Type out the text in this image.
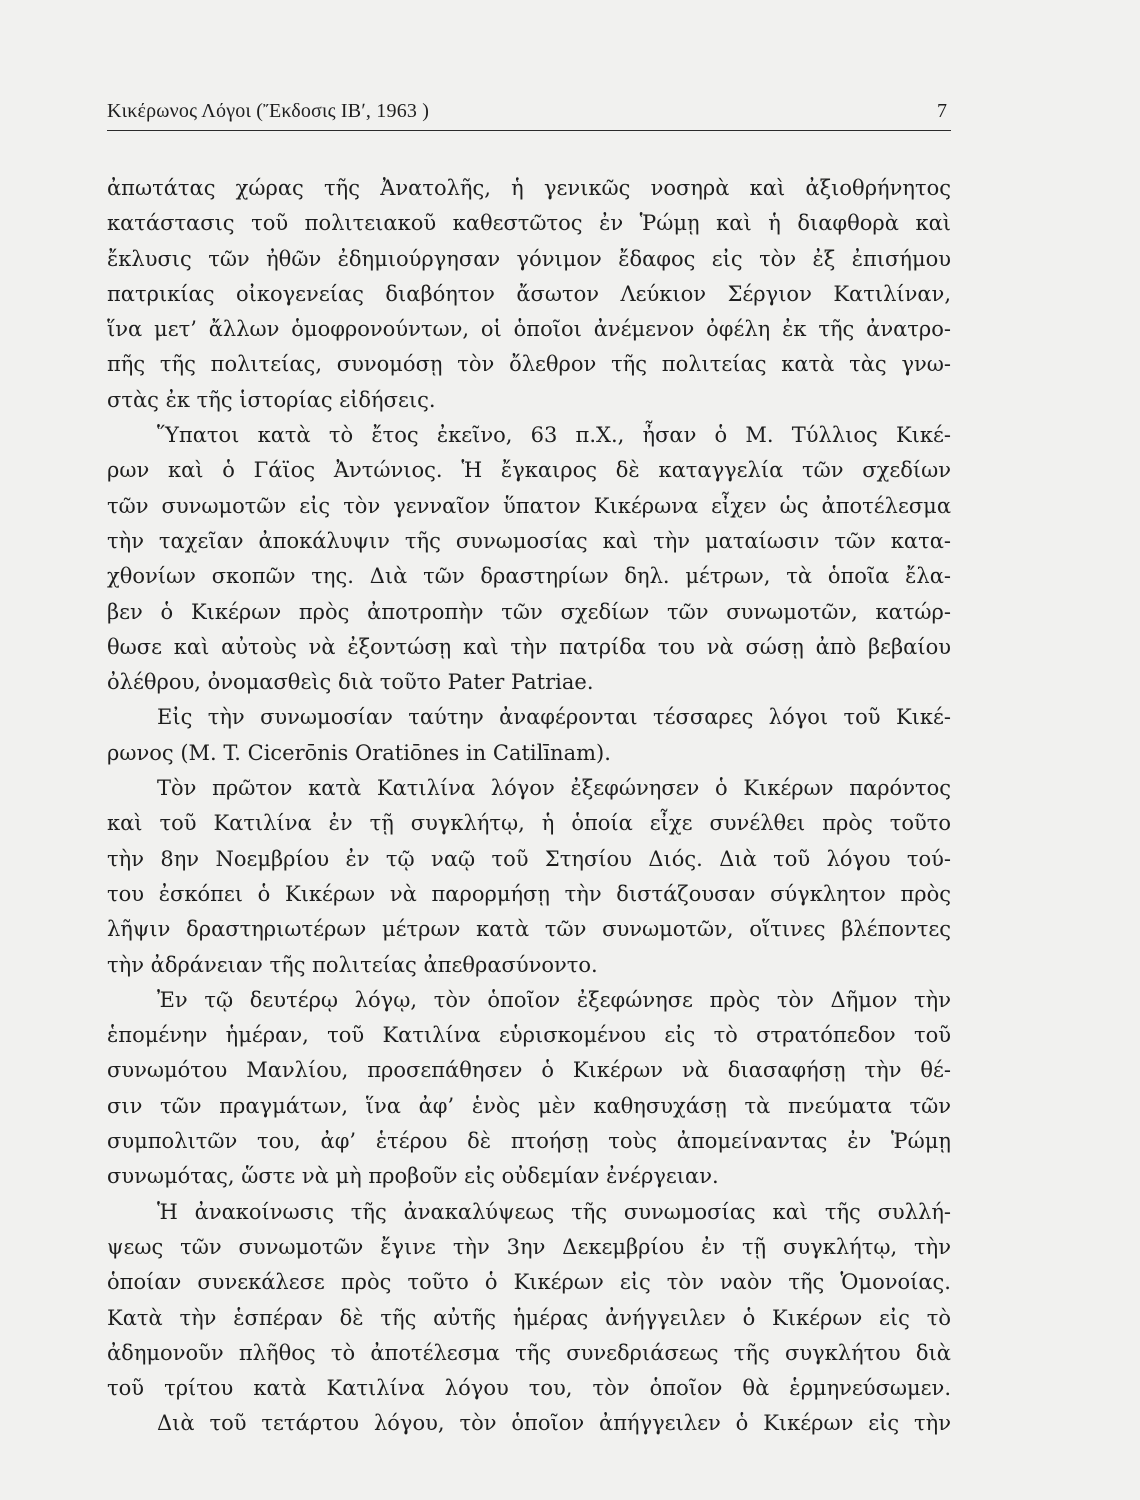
Κικέρωνος Λόγοι (Ἔκδοσις ΙΒʹ, 1963 )	7
ἀπωτάτας χώρας τῆς Ἀνατολῆς, ἡ γενικῶς νοσηρὰ καὶ ἀξιοθρήνητος
κατάστασις τοῦ πολιτειακοῦ καθεστῶτος ἐν Ῥώμῃ καὶ ἡ διαφθορὰ καὶ
ἔκλυσις τῶν ἠθῶν ἐδημιούργησαν γόνιμον ἔδαφος εἰς τὸν ἐξ ἐπισήμου
πατρικίας οἰκογενείας διαβόητον ἄσωτον Λεύκιον Σέργιον Κατιλίναν,
ἵνα μετ’ ἄλλων ὁμοφρονούντων, οἱ ὁποῖοι ἀνέμενον ὀφέλη ἐκ τῆς ἀνατρο-
πῆς τῆς πολιτείας, συνομόσῃ τὸν ὄλεθρον τῆς πολιτείας κατὰ τὰς γνω-
στὰς ἐκ τῆς ἱστορίας εἰδήσεις.
Ὕπατοι κατὰ τὸ ἔτος ἐκεῖνο, 63 π.Χ., ἦσαν ὁ Μ. Τύλλιος Κικέ-
ρων καὶ ὁ Γάϊος Ἀντώνιος. Ἡ ἔγκαιρος δὲ καταγγελία τῶν σχεδίων
τῶν συνωμοτῶν εἰς τὸν γενναῖον ὕπατον Κικέρωνα εἶχεν ὡς ἀποτέλεσμα
τὴν ταχεῖαν ἀποκάλυψιν τῆς συνωμοσίας καὶ τὴν ματαίωσιν τῶν κατα-
χθονίων σκοπῶν της. Διὰ τῶν δραστηρίων δηλ. μέτρων, τὰ ὁποῖα ἔλα-
βεν ὁ Κικέρων πρὸς ἀποτροπὴν τῶν σχεδίων τῶν συνωμοτῶν, κατώρ-
θωσε καὶ αὐτοὺς νὰ ἐξοντώσῃ καὶ τὴν πατρίδα του νὰ σώσῃ ἀπὸ βεβαίου
ὀλέθρου, ὀνομασθεὶς διὰ τοῦτο Pater Patriae.
Εἰς τὴν συνωμοσίαν ταύτην ἀναφέρονται τέσσαρες λόγοι τοῦ Κικέ-
ρωνος (M. T. Cicerōnis Oratiōnes in Catilīnam).
Τὸν πρῶτον κατὰ Κατιλίνα λόγον ἐξεφώνησεν ὁ Κικέρων παρόντος
καὶ τοῦ Κατιλίνα ἐν τῇ συγκλήτῳ, ἡ ὁποία εἶχε συνέλθει πρὸς τοῦτο
τὴν 8ην Νοεμβρίου ἐν τῷ ναῷ τοῦ Στησίου Διός. Διὰ τοῦ λόγου τού-
του ἐσκόπει ὁ Κικέρων νὰ παρορμήσῃ τὴν διστάζουσαν σύγκλητον πρὸς
λῆψιν δραστηριωτέρων μέτρων κατὰ τῶν συνωμοτῶν, οἵτινες βλέποντες
τὴν ἀδράνειαν τῆς πολιτείας ἀπεθρασύνοντο.
Ἐν τῷ δευτέρῳ λόγῳ, τὸν ὁποῖον ἐξεφώνησε πρὸς τὸν Δῆμον τὴν
ἑπομένην ἡμέραν, τοῦ Κατιλίνα εὑρισκομένου εἰς τὸ στρατόπεδον τοῦ
συνωμότου Μανλίου, προσεπάθησεν ὁ Κικέρων νὰ διασαφήσῃ τὴν θέ-
σιν τῶν πραγμάτων, ἵνα ἀφ’ ἑνὸς μὲν καθησυχάσῃ τὰ πνεύματα τῶν
συμπολιτῶν του, ἀφ’ ἑτέρου δὲ πτοήσῃ τοὺς ἀπομείναντας ἐν Ῥώμῃ
συνωμότας, ὥστε νὰ μὴ προβοῦν εἰς οὐδεμίαν ἐνέργειαν.
Ἡ ἀνακοίνωσις τῆς ἀνακαλύψεως τῆς συνωμοσίας καὶ τῆς συλλή-
ψεως τῶν συνωμοτῶν ἔγινε τὴν 3ην Δεκεμβρίου ἐν τῇ συγκλήτῳ, τὴν
ὁποίαν συνεκάλεσε πρὸς τοῦτο ὁ Κικέρων εἰς τὸν ναὸν τῆς Ὁμονοίας.
Κατὰ τὴν ἑσπέραν δὲ τῆς αὐτῆς ἡμέρας ἀνήγγειλεν ὁ Κικέρων εἰς τὸ
ἀδημονοῦν πλῆθος τὸ ἀποτέλεσμα τῆς συνεδριάσεως τῆς συγκλήτου διὰ
τοῦ τρίτου κατὰ Κατιλίνα λόγου του, τὸν ὁποῖον θὰ ἑρμηνεύσωμεν.
Διὰ τοῦ τετάρτου λόγου, τὸν ὁποῖον ἀπήγγειλεν ὁ Κικέρων εἰς τὴν
